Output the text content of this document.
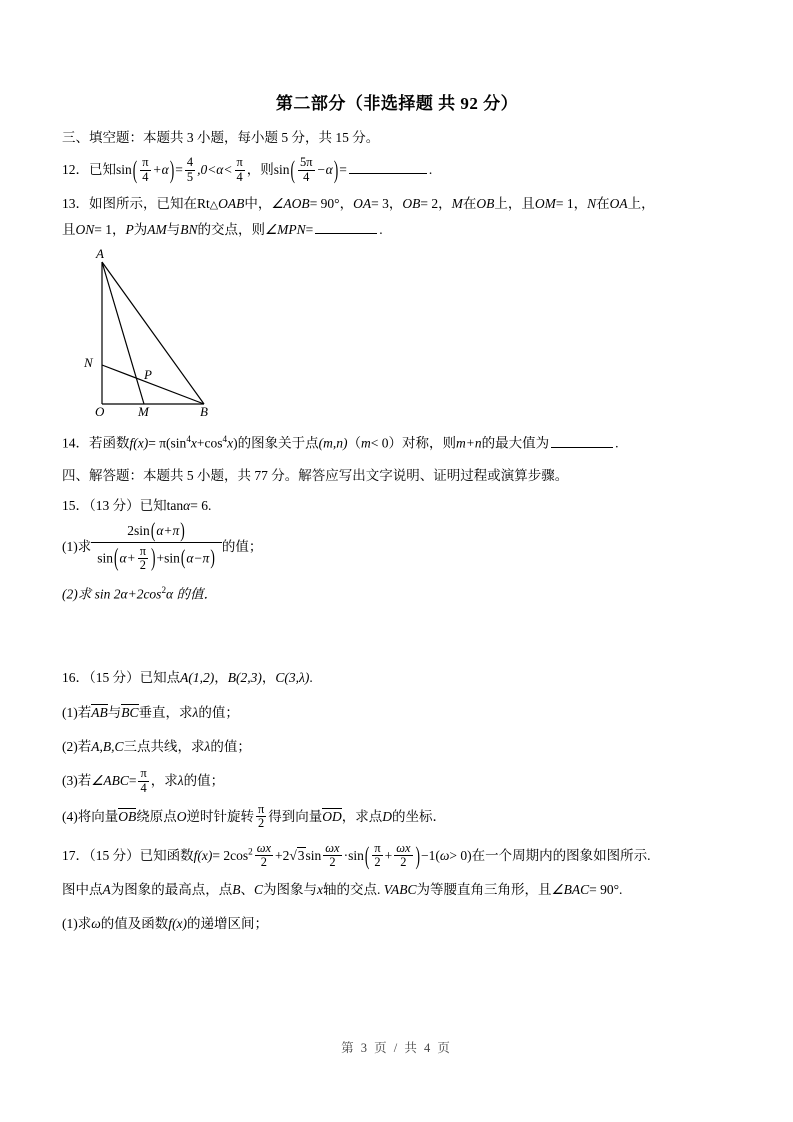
第二部分（非选择题 共 92 分）
三、填空题：本题共 3 小题，每小题 5 分，共 15 分。
12．已知$\sin( \frac{\pi}{4} +\alpha)= \frac{4}{5} ,0<\alpha< \frac{\pi}{4}$ ，则$\sin( \frac{5\pi}{4} -\alpha)=$	.
13．如图所示，已知在Rt△OAB中，∠AOB= 90°，OA= 3，OB= 2，M在OB上，且OM= 1，N在OA上，
且ON= 1，P为AM与BN的交点，则∠MPN=	.
A
N
P
O	M	B
14．若函数$f(x)= \pi(\sin^4x+\cos^4x)$的图象关于点(m,n)（m< 0）对称，则m+n的最大值为	.
四、解答题：本题共 5 小题，共 77 分。解答应写出文字说明、证明过程或演算步骤。
15．（13 分）已知tanα= 6.
(1)求 $\frac{2\sin(\alpha+\pi)}{\sin(\alpha+ \frac{\pi}{2} )+\sin(\alpha-\pi)}$ 的值；
(2)求 $\sin 2\alpha+2\cos^2\alpha$ 的值．
16．（15 分）已知点A(1,2)，B(2,3)，C(3,λ).
(1)若AB与BC垂直，求λ的值；
(2)若A,B,C三点共线，求λ的值；
(3)若∠ABC= $\frac{\pi}{4}$ ，求λ的值；
(4)将向量OB绕原点O逆时针旋转 $\frac{\pi}{2}$ 得到向量OD，求点D的坐标．
17．（15 分）已知函数$f(x)= 2\cos^2 \frac{\omega x}{2} +2√3\sin \frac{\omega x}{2} \cdot\sin( \frac{\pi}{2} + \frac{\omega x}{2} )-1(\omega> 0)$在一个周期内的图象如图所示.
图中点A为图象的最高点，点B、C为图象与x轴的交点. VABC为等腰直角三角形，且∠BAC= 90°.
(1)求ω的值及函数f(x)的递增区间；
第 3 页 / 共 4 页
